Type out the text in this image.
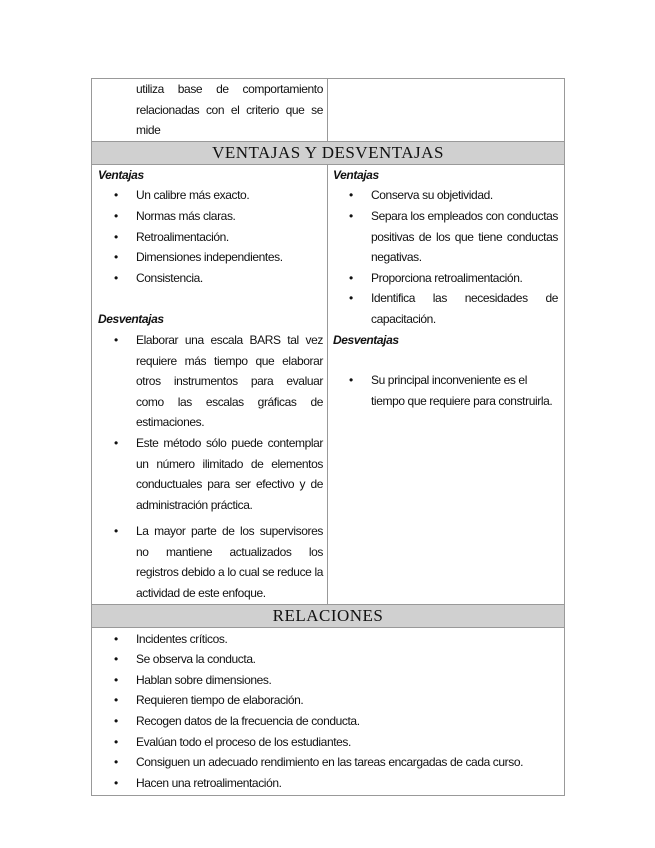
utiliza base de comportamiento relacionadas con el criterio que se mide
VENTAJAS Y DESVENTAJAS
Ventajas
• Un calibre más exacto.
• Normas más claras.
• Retroalimentación.
• Dimensiones independientes.
• Consistencia.
Desventajas
• Elaborar una escala BARS tal vez requiere más tiempo que elaborar otros instrumentos para evaluar como las escalas gráficas de estimaciones.
• Este método sólo puede contemplar un número ilimitado de elementos conductuales para ser efectivo y de administración práctica.
• La mayor parte de los supervisores no mantiene actualizados los registros debido a lo cual se reduce la actividad de este enfoque.
Ventajas
• Conserva su objetividad.
• Separa los empleados con conductas positivas de los que tiene conductas negativas.
• Proporciona retroalimentación.
• Identifica las necesidades de capacitación.
Desventajas
• Su principal inconveniente es el tiempo que requiere para construirla.
RELACIONES
• Incidentes críticos.
• Se observa la conducta.
• Hablan sobre dimensiones.
• Requieren tiempo de elaboración.
• Recogen datos de la frecuencia de conducta.
• Evalúan todo el proceso de los estudiantes.
• Consiguen un adecuado rendimiento en las tareas encargadas de cada curso.
• Hacen una retroalimentación.
